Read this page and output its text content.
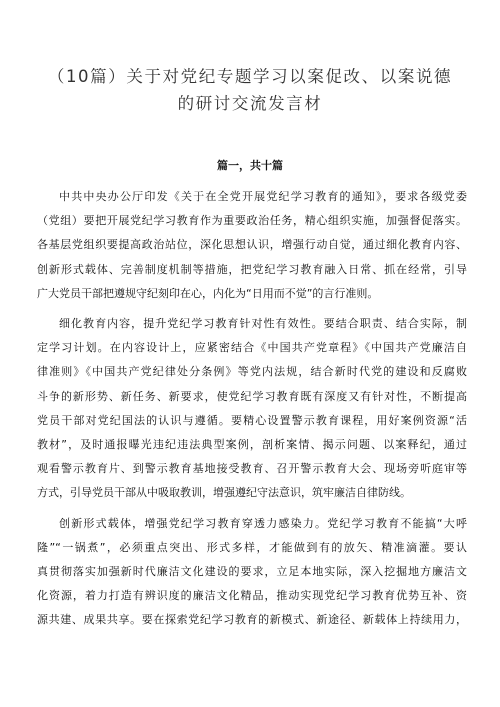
（10篇）关于对党纪专题学习以案促改、以案说德
的研讨交流发言材
篇一，共十篇
中共中央办公厅印发《关于在全党开展党纪学习教育的通知》，要求各级党委
（党组）要把开展党纪学习教育作为重要政治任务，精心组织实施，加强督促落实。
各基层党组织要提高政治站位，深化思想认识，增强行动自觉，通过细化教育内容、
创新形式载体、完善制度机制等措施，把党纪学习教育融入日常、抓在经常，引导
广大党员干部把遵规守纪刻印在心，内化为“日用而不觉”的言行准则。
细化教育内容，提升党纪学习教育针对性有效性。要结合职责、结合实际，制
定学习计划。在内容设计上，应紧密结合《中国共产党章程》《中国共产党廉洁自
律准则》《中国共产党纪律处分条例》等党内法规，结合新时代党的建设和反腐败
斗争的新形势、新任务、新要求，使党纪学习教育既有深度又有针对性，不断提高
党员干部对党纪国法的认识与遵循。要精心设置警示教育课程，用好案例资源“活
教材”，及时通报曝光违纪违法典型案例，剖析案情、揭示问题、以案释纪，通过
观看警示教育片、到警示教育基地接受教育、召开警示教育大会、现场旁听庭审等
方式，引导党员干部从中吸取教训，增强遵纪守法意识，筑牢廉洁自律防线。
创新形式载体，增强党纪学习教育穿透力感染力。党纪学习教育不能搞“大呼
隆”“一锅煮”，必须重点突出、形式多样，才能做到有的放矢、精准滴灌。要认
真贯彻落实加强新时代廉洁文化建设的要求，立足本地实际，深入挖掘地方廉洁文
化资源，着力打造有辨识度的廉洁文化精品，推动实现党纪学习教育优势互补、资
源共建、成果共享。要在探索党纪学习教育的新模式、新途径、新载体上持续用力，
